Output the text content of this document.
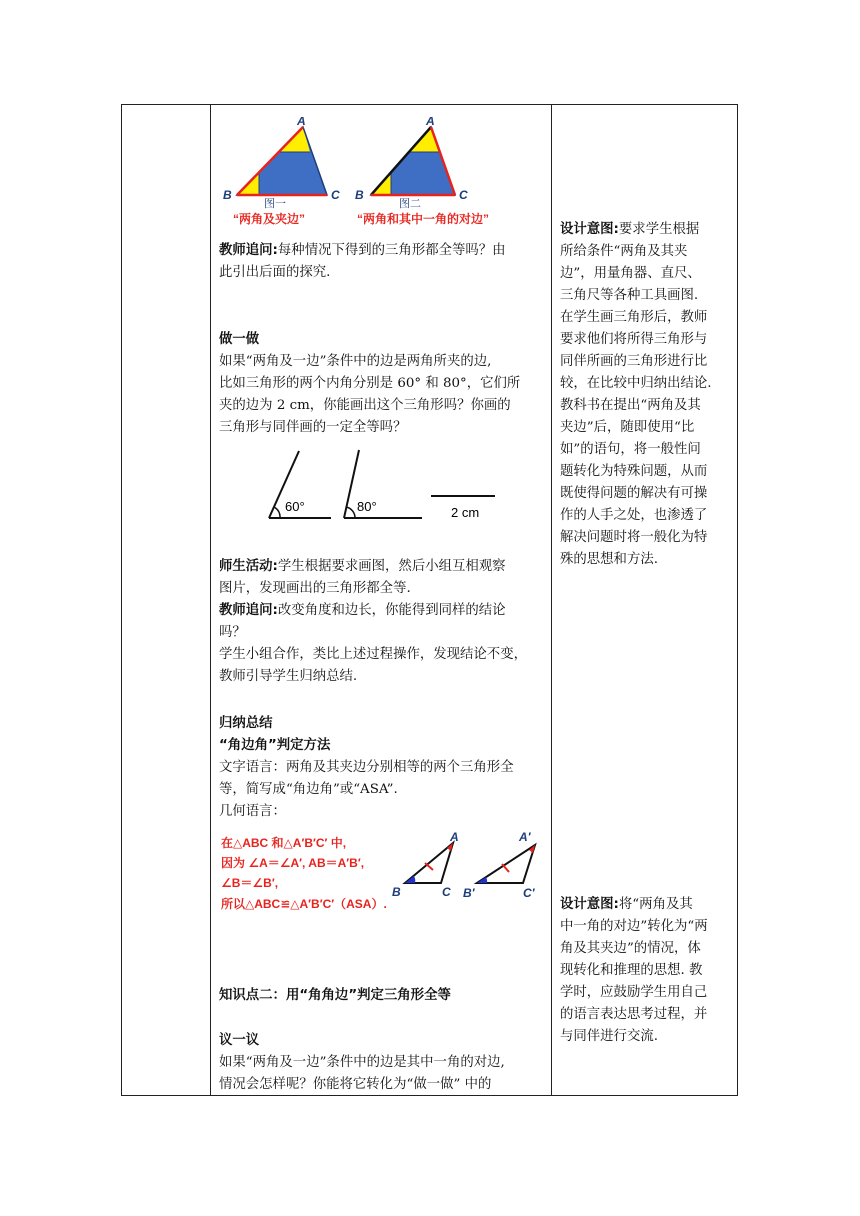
A
B	C
图一
“两角及夹边”
A
B	C
图二
“两角和其中一角的对边”
教师追问:每种情况下得到的三角形都全等吗？由
此引出后面的探究.
做一做
如果“两角及一边”条件中的边是两角所夹的边,
比如三角形的两个内角分别是 60° 和 80°，它们所
夹的边为 2 cm，你能画出这个三角形吗？你画的
三角形与同伴画的一定全等吗？
60°	80°	2 cm
师生活动:学生根据要求画图，然后小组互相观察
图片，发现画出的三角形都全等.
教师追问:改变角度和边长，你能得到同样的结论
吗？
学生小组合作，类比上述过程操作，发现结论不变，
教师引导学生归纳总结.
归纳总结
“角边角”判定方法
文字语言：两角及其夹边分别相等的两个三角形全
等，简写成“角边角”或“ASA”.
几何语言：
在△ABC 和△A′B′C′ 中,
因为 ∠A＝∠A′, AB＝A′B′,
∠B＝∠B′,
所以△ABC≌△A′B′C′（ASA）.
A
B	C
A′
B′	C′
知识点二：用“角角边”判定三角形全等
议一议
如果“两角及一边”条件中的边是其中一角的对边,
情况会怎样呢？你能将它转化为“做一做” 中的
设计意图:要求学生根据
所给条件“两角及其夹
边”，用量角器、直尺、
三角尺等各种工具画图.
在学生画三角形后，教师
要求他们将所得三角形与
同伴所画的三角形进行比
较，在比较中归纳出结论.
教科书在提出“两角及其
夹边”后，随即使用“比
如”的语句，将一般性问
题转化为特殊问题，从而
既使得问题的解决有可操
作的人手之处，也渗透了
解决问题时将一般化为特
殊的思想和方法.
设计意图:将“两角及其
中一角的对边”转化为“两
角及其夹边”的情况，体
现转化和推理的思想. 教
学时，应鼓励学生用自己
的语言表达思考过程，并
与同伴进行交流.
